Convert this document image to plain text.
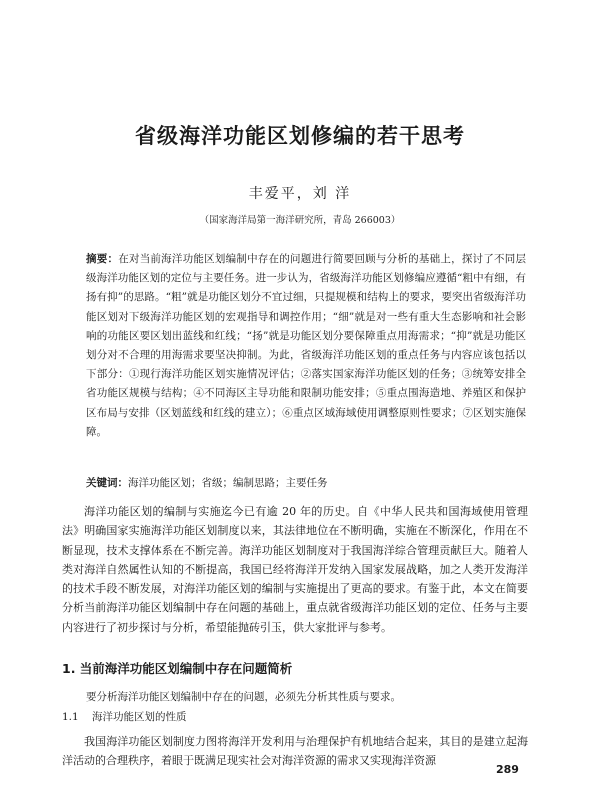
省级海洋功能区划修编的若干思考
丰爱平，刘 洋
（国家海洋局第一海洋研究所，青岛 266003）
摘要：在对当前海洋功能区划编制中存在的问题进行简要回顾与分析的基础上，探讨了不同层级海洋功能区划的定位与主要任务。进一步认为，省级海洋功能区划修编应遵循“粗中有细，有扬有抑”的思路。“粗”就是功能区划分不宜过细，只提规模和结构上的要求，要突出省级海洋功能区划对下级海洋功能区划的宏观指导和调控作用；“细”就是对一些有重大生态影响和社会影响的功能区要区划出蓝线和红线；“扬”就是功能区划分要保障重点用海需求；“抑”就是功能区划分对不合理的用海需求要坚决抑制。为此，省级海洋功能区划的重点任务与内容应该包括以下部分：①现行海洋功能区划实施情况评估；②落实国家海洋功能区划的任务；③统筹安排全省功能区规模与结构；④不同海区主导功能和限制功能安排；⑤重点围海造地、养殖区和保护区布局与安排（区划蓝线和红线的建立）；⑥重点区域海域使用调整原则性要求；⑦区划实施保障。
关键词：海洋功能区划；省级；编制思路；主要任务

海洋功能区划的编制与实施迄今已有逾 20 年的历史。自《中华人民共和国海域使用管理法》明确国家实施海洋功能区划制度以来，其法律地位在不断明确，实施在不断深化，作用在不断显现，技术支撑体系在不断完善。海洋功能区划制度对于我国海洋综合管理贡献巨大。随着人类对海洋自然属性认知的不断提高，我国已经将海洋开发纳入国家发展战略，加之人类开发海洋的技术手段不断发展，对海洋功能区划的编制与实施提出了更高的要求。有鉴于此，本文在简要分析当前海洋功能区划编制中存在问题的基础上，重点就省级海洋功能区划的定位、任务与主要内容进行了初步探讨与分析，希望能抛砖引玉，供大家批评与参考。

1. 当前海洋功能区划编制中存在问题简析
要分析海洋功能区划编制中存在的问题，必须先分析其性质与要求。
1.1 海洋功能区划的性质

我国海洋功能区划制度力图将海洋开发利用与治理保护有机地结合起来，其目的是建立起海洋活动的合理秩序，着眼于既满足现实社会对海洋资源的需求又实现海洋资源

289
